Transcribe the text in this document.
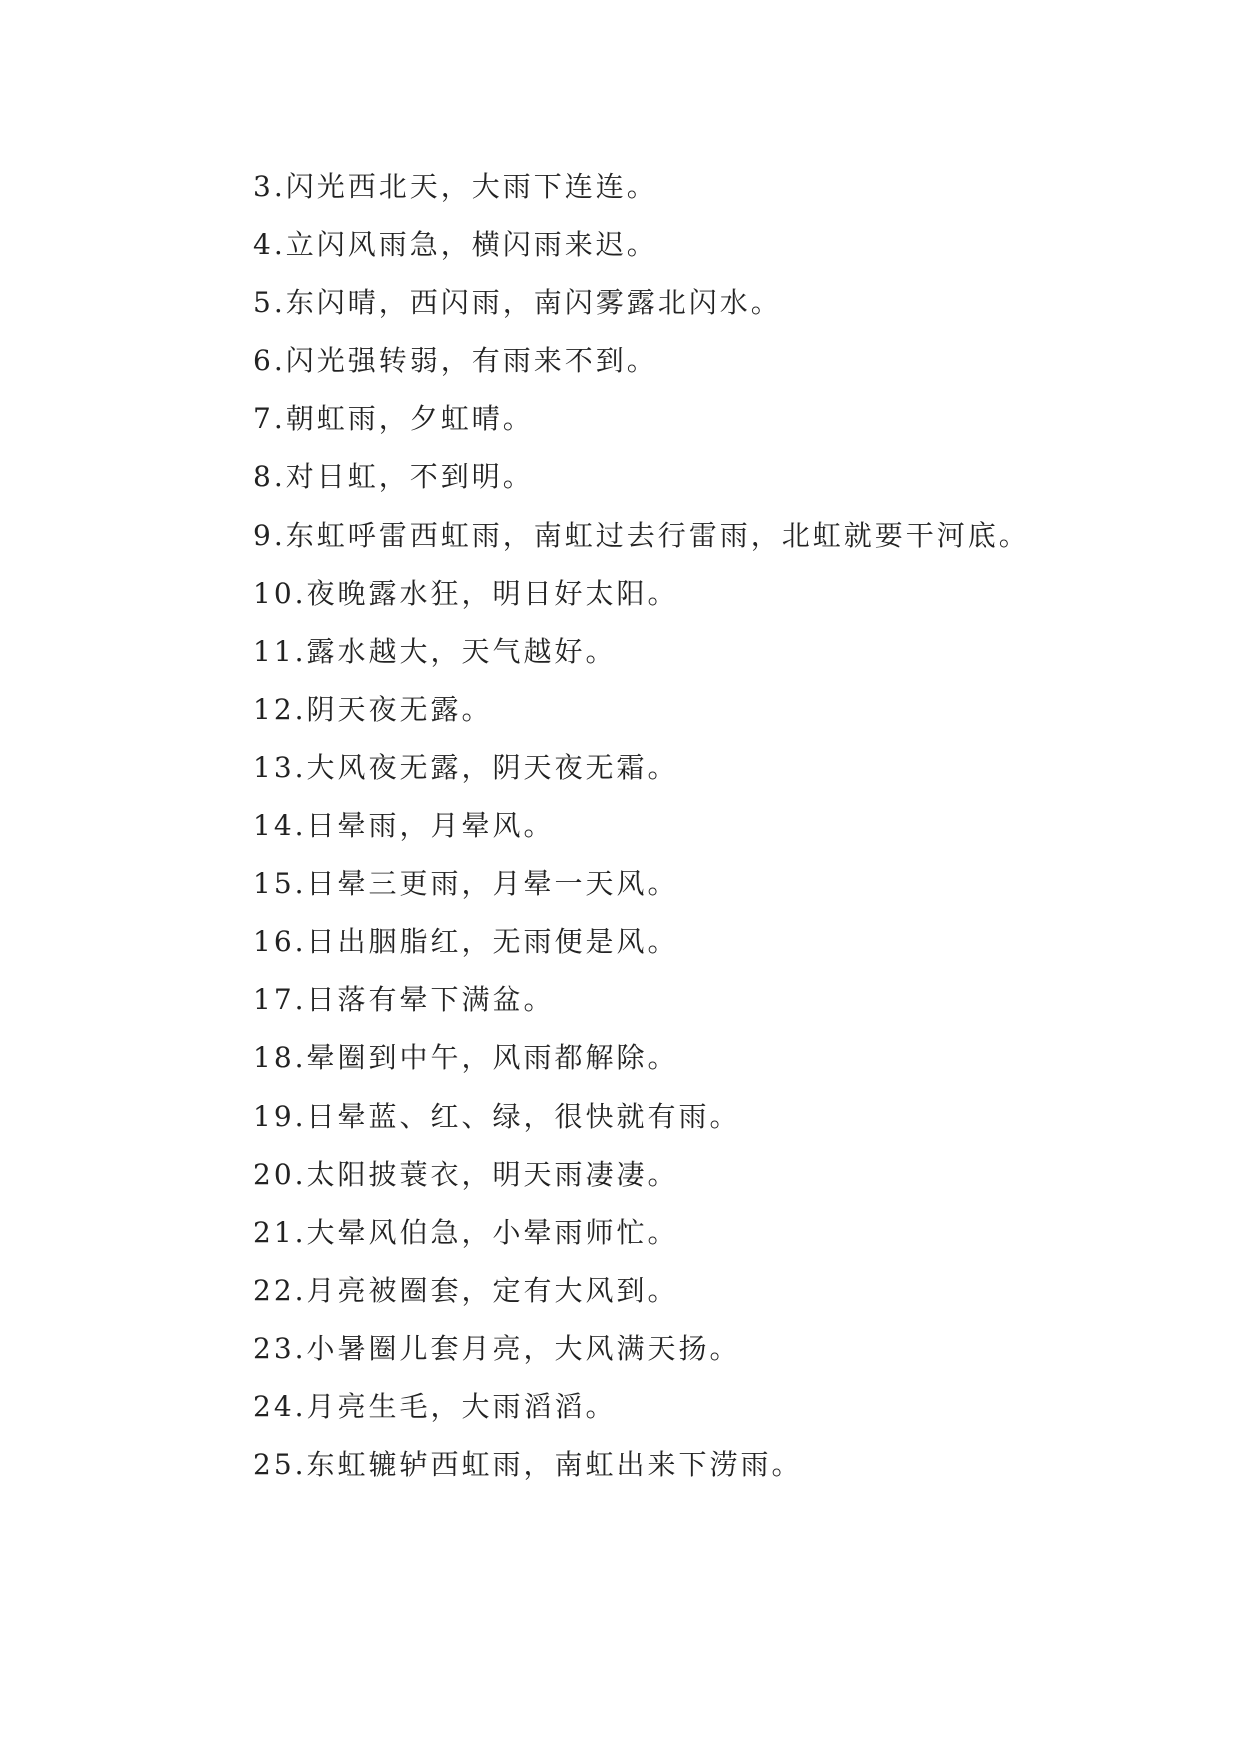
3.闪光西北天，大雨下连连。
4.立闪风雨急，横闪雨来迟。
5.东闪晴，西闪雨，南闪雾露北闪水。
6.闪光强转弱，有雨来不到。
7.朝虹雨，夕虹晴。
8.对日虹，不到明。
9.东虹呼雷西虹雨，南虹过去行雷雨，北虹就要干河底。
10.夜晚露水狂，明日好太阳。
11.露水越大，天气越好。
12.阴天夜无露。
13.大风夜无露，阴天夜无霜。
14.日晕雨，月晕风。
15.日晕三更雨，月晕一天风。
16.日出胭脂红，无雨便是风。
17.日落有晕下满盆。
18.晕圈到中午，风雨都解除。
19.日晕蓝、红、绿，很快就有雨。
20.太阳披蓑衣，明天雨凄凄。
21.大晕风伯急，小晕雨师忙。
22.月亮被圈套，定有大风到。
23.小暑圈儿套月亮，大风满天扬。
24.月亮生毛，大雨滔滔。
25.东虹辘轳西虹雨，南虹出来下涝雨。
